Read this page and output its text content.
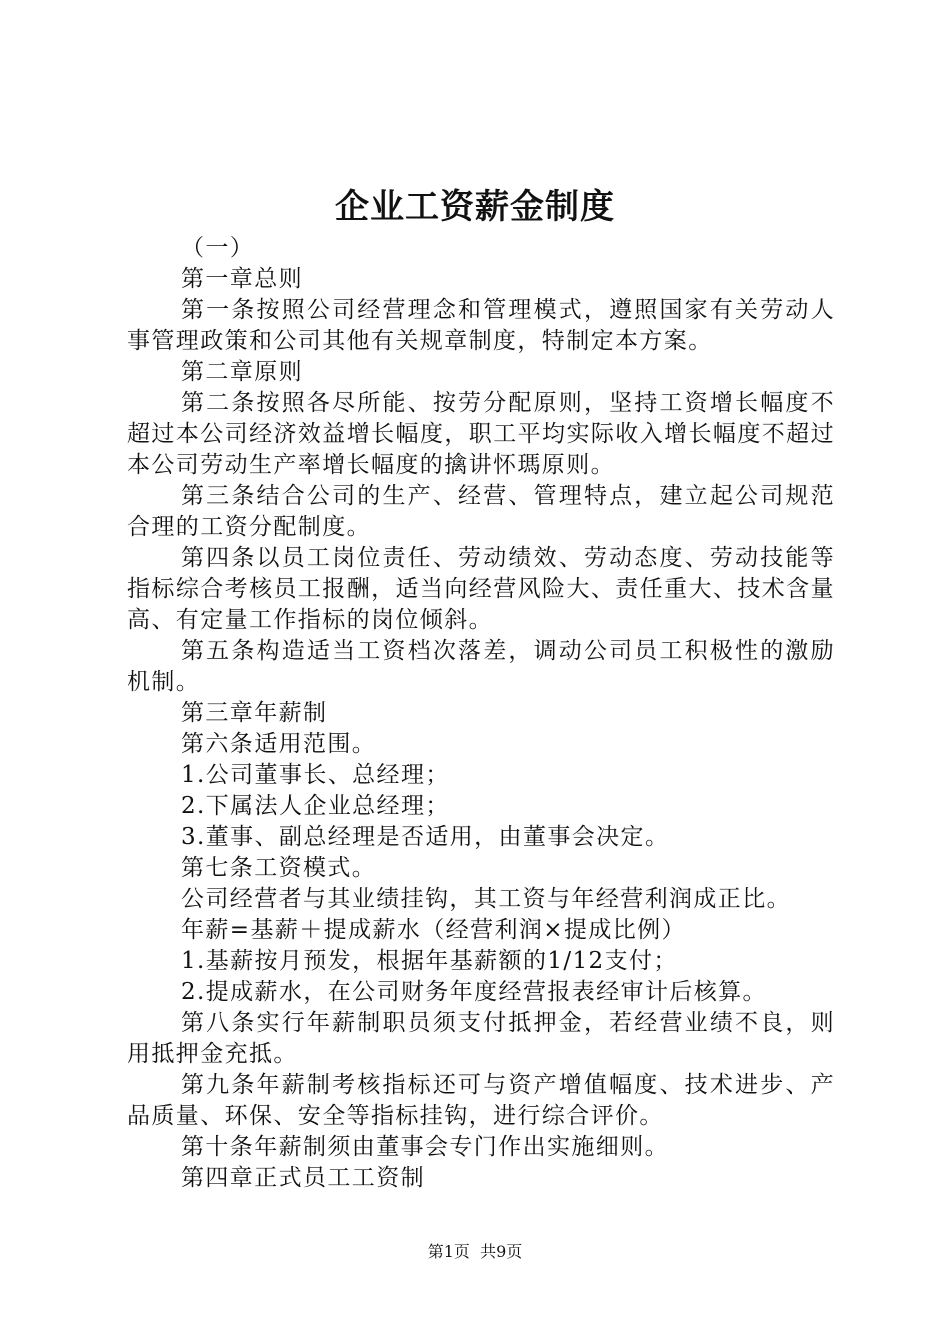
企业工资薪金制度

（一）

第一章总则

第一条按照公司经营理念和管理模式，遵照国家有关劳动人事管理政策和公司其他有关规章制度，特制定本方案。

第二章原则

第二条按照各尽所能、按劳分配原则，坚持工资增长幅度不超过本公司经济效益增长幅度，职工平均实际收入增长幅度不超过本公司劳动生产率增长幅度的擒讲怀瑪原则。

第三条结合公司的生产、经营、管理特点，建立起公司规范合理的工资分配制度。

第四条以员工岗位责任、劳动绩效、劳动态度、劳动技能等指标综合考核员工报酬，适当向经营风险大、责任重大、技术含量高、有定量工作指标的岗位倾斜。

第五条构造适当工资档次落差，调动公司员工积极性的激励机制。

第三章年薪制

第六条适用范围。

1.公司董事长、总经理；

2.下属法人企业总经理；

3.董事、副总经理是否适用，由董事会决定。

第七条工资模式。

公司经营者与其业绩挂钩，其工资与年经营利润成正比。

年薪=基薪＋提成薪水（经营利润×提成比例）

1.基薪按月预发，根据年基薪额的1/12支付；

2.提成薪水，在公司财务年度经营报表经审计后核算。

第八条实行年薪制职员须支付抵押金，若经营业绩不良，则用抵押金充抵。

第九条年薪制考核指标还可与资产增值幅度、技术进步、产品质量、环保、安全等指标挂钩，进行综合评价。

第十条年薪制须由董事会专门作出实施细则。

第四章正式员工工资制

第1页 共9页
